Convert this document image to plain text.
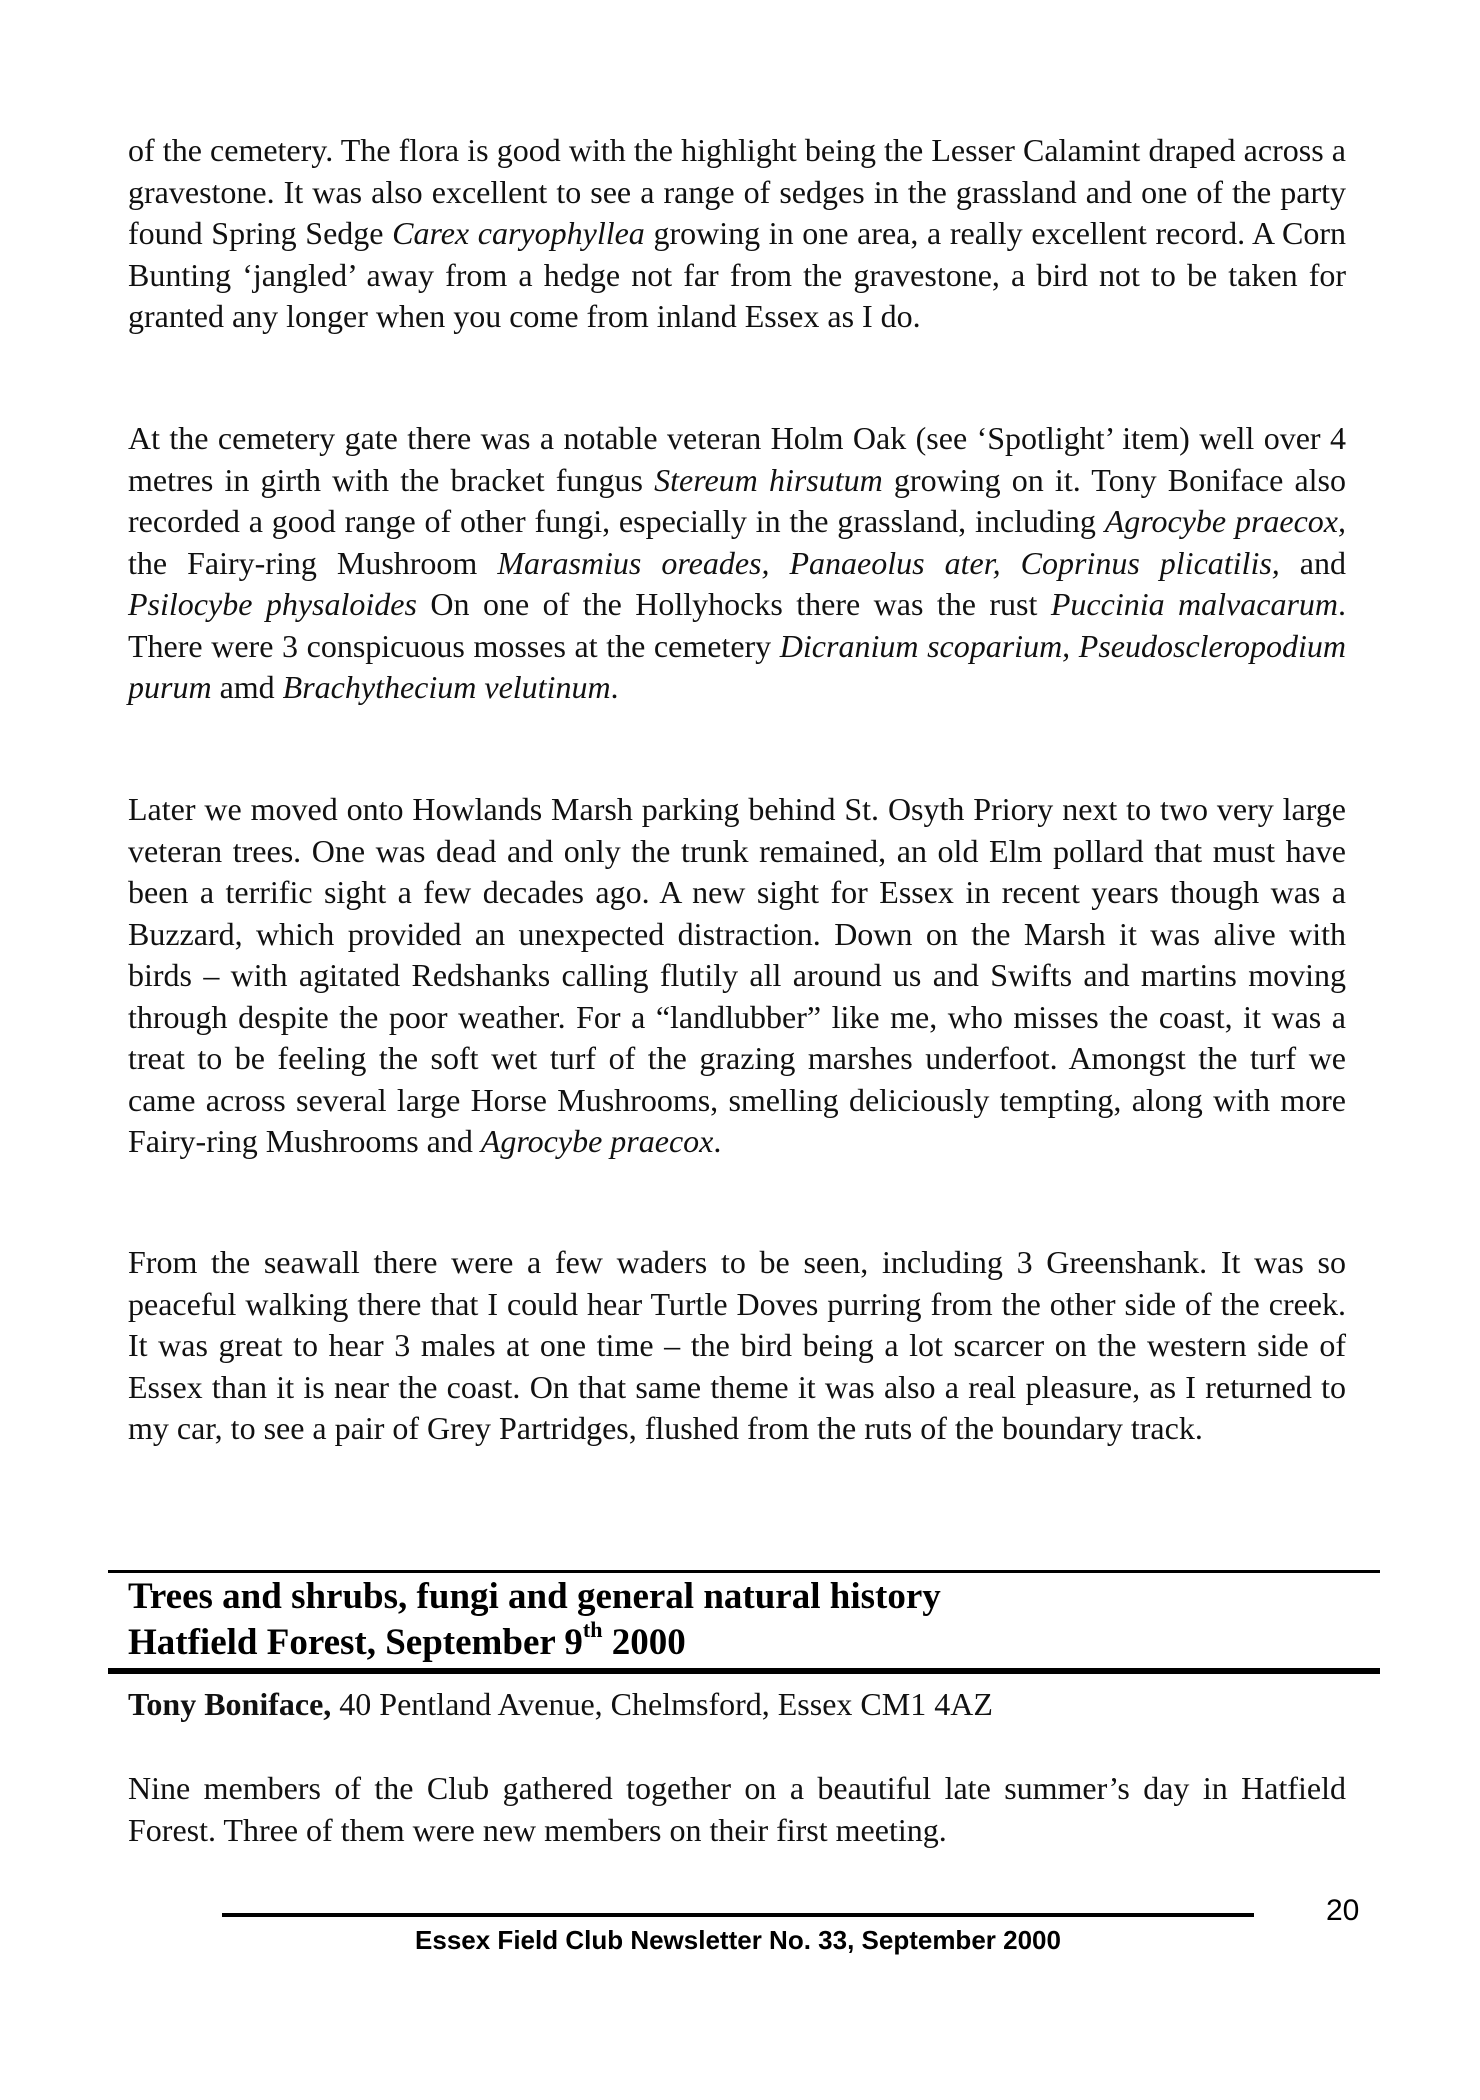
of the cemetery. The flora is good with the highlight being the Lesser Calamint draped across a gravestone. It was also excellent to see a range of sedges in the grassland and one of the party found Spring Sedge Carex caryophyllea growing in one area, a really excellent record. A Corn Bunting ‘jangled’ away from a hedge not far from the gravestone, a bird not to be taken for granted any longer when you come from inland Essex as I do.

At the cemetery gate there was a notable veteran Holm Oak (see ‘Spotlight’ item) well over 4 metres in girth with the bracket fungus Stereum hirsutum growing on it. Tony Boniface also recorded a good range of other fungi, especially in the grassland, including Agrocybe praecox, the Fairy-ring Mushroom Marasmius oreades, Panaeolus ater, Coprinus plicatilis, and Psilocybe physaloides On one of the Hollyhocks there was the rust Puccinia malvacarum. There were 3 conspicuous mosses at the cemetery Dicranium scoparium, Pseudoscleropodium purum amd Brachythecium velutinum.

Later we moved onto Howlands Marsh parking behind St. Osyth Priory next to two very large veteran trees. One was dead and only the trunk remained, an old Elm pollard that must have been a terrific sight a few decades ago. A new sight for Essex in recent years though was a Buzzard, which provided an unexpected distraction. Down on the Marsh it was alive with birds – with agitated Redshanks calling flutily all around us and Swifts and martins moving through despite the poor weather. For a “landlubber” like me, who misses the coast, it was a treat to be feeling the soft wet turf of the grazing marshes underfoot. Amongst the turf we came across several large Horse Mushrooms, smelling deliciously tempting, along with more Fairy-ring Mushrooms and Agrocybe praecox.

From the seawall there were a few waders to be seen, including 3 Greenshank. It was so peaceful walking there that I could hear Turtle Doves purring from the other side of the creek. It was great to hear 3 males at one time – the bird being a lot scarcer on the western side of Essex than it is near the coast. On that same theme it was also a real pleasure, as I returned to my car, to see a pair of Grey Partridges, flushed from the ruts of the boundary track.

Tony Boniface, 40 Pentland Avenue, Chelmsford, Essex CM1 4AZ

Nine members of the Club gathered together on a beautiful late summer’s day in Hatfield Forest. Three of them were new members on their first meeting.

Trees and shrubs, fungi and general natural history
Hatfield Forest, September 9th 2000
Essex Field Club Newsletter No. 33, September 2000
20
